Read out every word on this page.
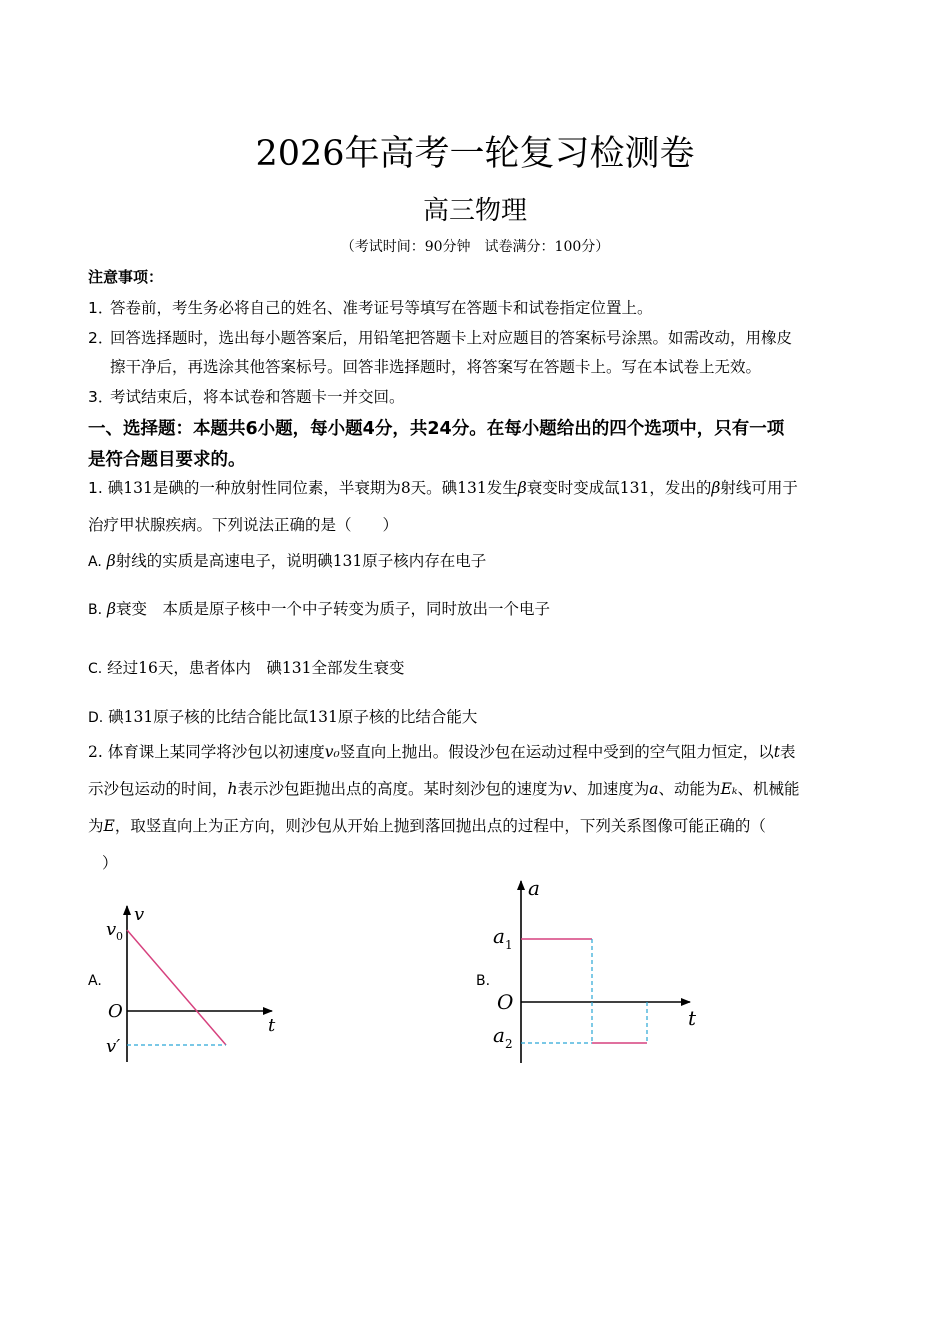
2026年高考一轮复习检测卷
高三物理
（考试时间：90分钟　试卷满分：100分）
注意事项：
1．答卷前，考生务必将自己的姓名、准考证号等填写在答题卡和试卷指定位置上。
2．回答选择题时，选出每小题答案后，用铅笔把答题卡上对应题目的答案标号涂黑。如需改动，用橡皮
擦干净后，再选涂其他答案标号。回答非选择题时，将答案写在答题卡上。写在本试卷上无效。
3．考试结束后，将本试卷和答题卡一并交回。
一、选择题：本题共6小题，每小题4分，共24分。在每小题给出的四个选项中，只有一项
是符合题目要求的。
1. 碘131是碘的一种放射性同位素，半衰期为8天。碘131发生β衰变时变成氙131，发出的β射线可用于
治疗甲状腺疾病。下列说法正确的是（　　）
A. β射线的实质是高速电子，说明碘131原子核内存在电子
B. β衰变　本质是原子核中一个中子转变为质子，同时放出一个电子
C. 经过16天，患者体内　碘131全部发生衰变
D. 碘131原子核的比结合能比氙131原子核的比结合能大
2. 体育课上某同学将沙包以初速度v₀竖直向上抛出。假设沙包在运动过程中受到的空气阻力恒定，以t表
示沙包运动的时间，h表示沙包距抛出点的高度。某时刻沙包的速度为v、加速度为a、动能为Eₖ、机械能
为E，取竖直向上为正方向，则沙包从开始上抛到落回抛出点的过程中，下列关系图像可能正确的（
）
A.
v
t
O
v 0
v′
B.
a
t
O
a 1
a 2
